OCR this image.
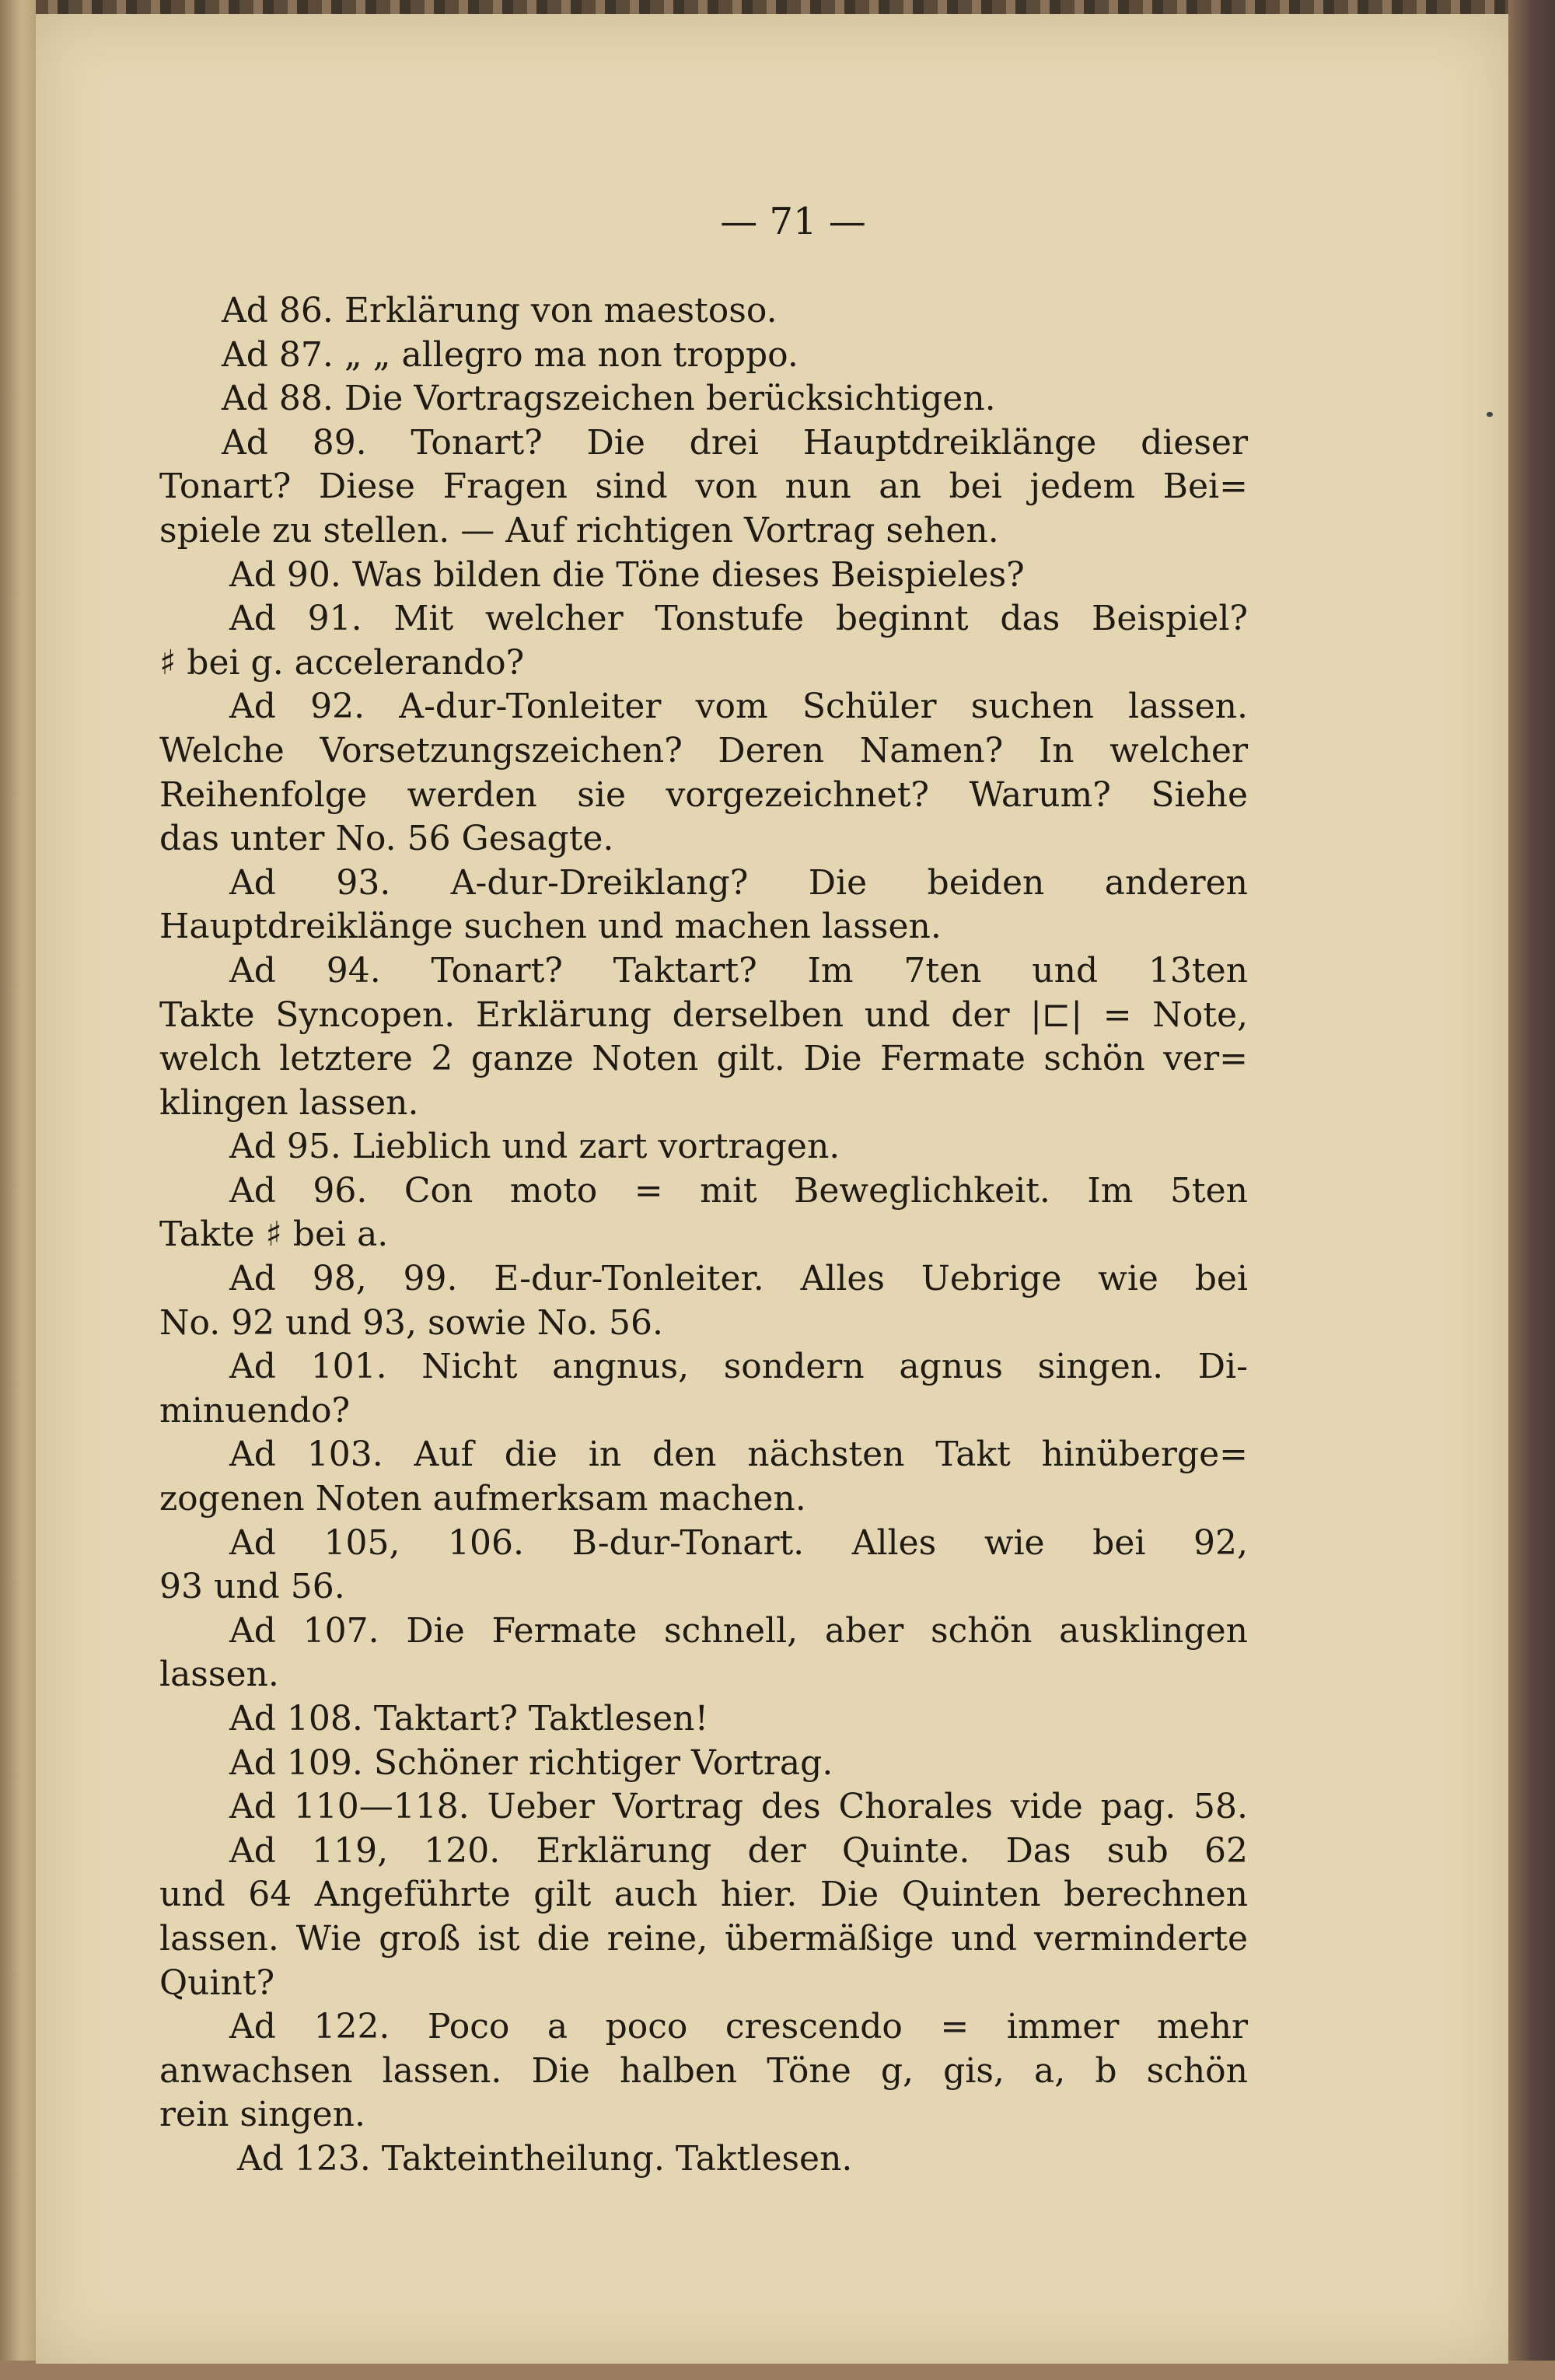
— 71 —

Ad 86. Erklärung von maestoso.
Ad 87. „ „ allegro ma non troppo.
Ad 88. Die Vortragszeichen berücksichtigen.
Ad 89. Tonart? Die drei Hauptdreiklänge dieser
Tonart? Diese Fragen sind von nun an bei jedem Bei=
spiele zu stellen. — Auf richtigen Vortrag sehen.
Ad 90. Was bilden die Töne dieses Beispieles?
Ad 91. Mit welcher Tonstufe beginnt das Beispiel?
♯ bei g. accelerando?
Ad 92. A-dur-Tonleiter vom Schüler suchen lassen.
Welche Vorsetzungszeichen? Deren Namen? In welcher
Reihenfolge werden sie vorgezeichnet? Warum? Siehe
das unter No. 56 Gesagte.
Ad 93. A-dur-Dreiklang? Die beiden anderen
Hauptdreiklänge suchen und machen lassen.
Ad 94. Tonart? Taktart? Im 7ten und 13ten
Takte Syncopen. Erklärung derselben und der |⊏| = Note,
welch letztere 2 ganze Noten gilt. Die Fermate schön ver=
klingen lassen.
Ad 95. Lieblich und zart vortragen.
Ad 96. Con moto = mit Beweglichkeit. Im 5ten
Takte ♯ bei a.
Ad 98, 99. E-dur-Tonleiter. Alles Uebrige wie bei
No. 92 und 93, sowie No. 56.
Ad 101. Nicht angnus, sondern agnus singen. Di-
minuendo?
Ad 103. Auf die in den nächsten Takt hinüberge=
zogenen Noten aufmerksam machen.
Ad 105, 106. B-dur-Tonart. Alles wie bei 92,
93 und 56.
Ad 107. Die Fermate schnell, aber schön ausklingen
lassen.
Ad 108. Taktart? Taktlesen!
Ad 109. Schöner richtiger Vortrag.
Ad 110—118. Ueber Vortrag des Chorales vide pag. 58.
Ad 119, 120. Erklärung der Quinte. Das sub 62
und 64 Angeführte gilt auch hier. Die Quinten berechnen
lassen. Wie groß ist die reine, übermäßige und verminderte
Quint?
Ad 122. Poco a poco crescendo = immer mehr
anwachsen lassen. Die halben Töne g, gis, a, b schön
rein singen.
Ad 123. Takteintheilung. Taktlesen.
